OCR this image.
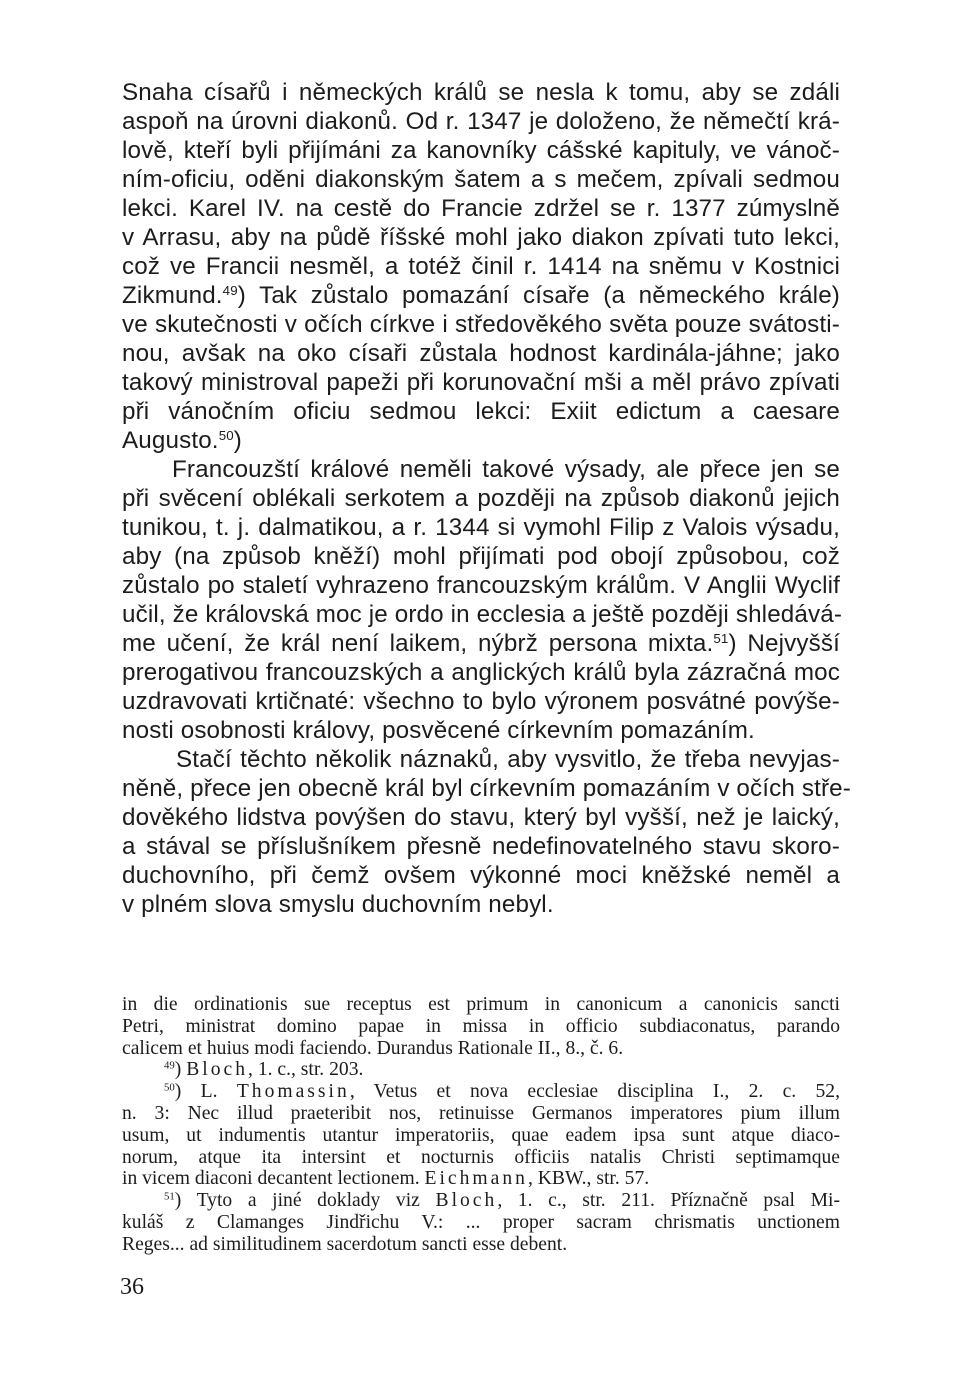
Snaha císařů i německých králů se nesla k tomu, aby se zdáli
aspoň na úrovni diakonů. Od r. 1347 je doloženo, že němečtí krá-
lově, kteří byli přijímáni za kanovníky cášské kapituly, ve vánoč-
ním-oficiu, oděni diakonským šatem a s mečem, zpívali sedmou
lekci. Karel IV. na cestě do Francie zdržel se r. 1377 zúmyslně
v Arrasu, aby na půdě říšské mohl jako diakon zpívati tuto lekci,
což ve Francii nesměl, a totéž činil r. 1414 na sněmu v Kostnici
Zikmund.$^{49}$) Tak zůstalo pomazání císaře (a německého krále)
ve skutečnosti v očích církve i středověkého světa pouze svátosti-
nou, avšak na oko císaři zůstala hodnost kardinála-jáhne; jako
takový ministroval papeži při korunovační mši a měl právo zpívati
při vánočním oficiu sedmou lekci: Exiit edictum a caesare
Augusto.$^{50}$)
Francouzští králové neměli takové výsady, ale přece jen se
při svěcení oblékali serkotem a později na způsob diakonů jejich
tunikou, t. j. dalmatikou, a r. 1344 si vymohl Filip z Valois výsadu,
aby (na způsob kněží) mohl přijímati pod obojí způsobou, což
zůstalo po staletí vyhrazeno francouzským králům. V Anglii Wyclif
učil, že královská moc je ordo in ecclesia a ještě později shledává-
me učení, že král není laikem, nýbrž persona mixta.$^{51}$) Nejvyšší
prerogativou francouzských a anglických králů byla zázračná moc
uzdravovati krtičnaté: všechno to bylo výronem posvátné povýše-
nosti osobnosti královy, posvěcené církevním pomazáním.
Stačí těchto několik náznaků, aby vysvitlo, že třeba nevyjas-
něně, přece jen obecně král byl církevním pomazáním v očích stře-
dověkého lidstva povýšen do stavu, který byl vyšší, než je laický,
a stával se příslušníkem přesně nedefinovatelného stavu skoro-
duchovního, při čemž ovšem výkonné moci kněžské neměl a
v plném slova smyslu duchovním nebyl.
in die ordinationis sue receptus est primum in canonicum a canonicis sancti
Petri, ministrat domino papae in missa in officio subdiaconatus, parando
calicem et huius modi faciendo. Durandus Rationale II., 8., č. 6.
$^{49}$) Bloch, 1. c., str. 203.
$^{50}$) L. Thomassin, Vetus et nova ecclesiae disciplina I., 2. c. 52,
n. 3: Nec illud praeteribit nos, retinuisse Germanos imperatores pium illum
usum, ut indumentis utantur imperatoriis, quae eadem ipsa sunt atque diaco-
norum, atque ita intersint et nocturnis officiis natalis Christi septimamque
in vicem diaconi decantent lectionem. Eichmann, KBW., str. 57.
$^{51}$) Tyto a jiné doklady viz Bloch, 1. c., str. 211. Příznačně psal Mi-
kuláš z Clamanges Jindřichu V.: ... proper sacram chrismatis unctionem
Reges... ad similitudinem sacerdotum sancti esse debent.
36
